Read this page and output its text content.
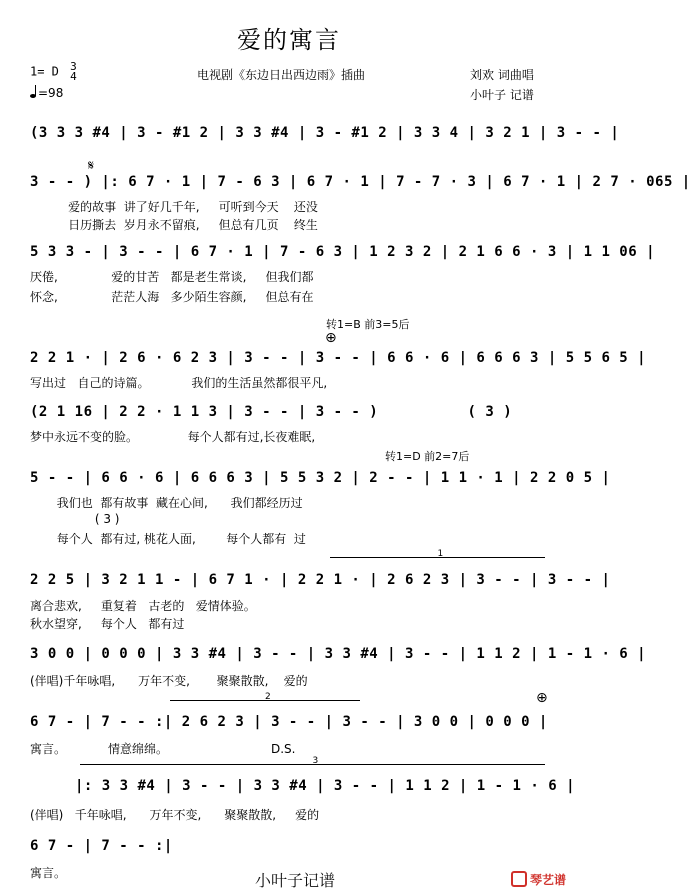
爱的寓言
1= D 3
4
=98
电视剧《东边日出西边雨》插曲	刘欢 词曲唱
小叶子 记谱
(3 3 3 #4 | 3 - #1 2 | 3 3 #4 | 3 - #1 2 | 3 3 4 | 3 2 1 | 3 - - |
𝄋
3 - - ) |: 6 7 · 1 | 7 - 6 3 | 6 7 · 1 | 7 - 7 · 3 | 6 7 · 1 | 2 7 · 065 |
爱的故事  讲了好几千年,     可听到今天    还没
日历撕去  岁月永不留痕,     但总有几页    终生
5 3 3 - | 3 - - | 6 7 · 1 | 7 - 6 3 | 1 2 3 2 | 2 1 6 6 · 3 | 1 1 06 |
厌倦,              爱的甘苦   都是老生常谈,     但我们都
怀念,              茫茫人海   多少陌生容颜,     但总有在
转1=B 前3=5后
⊕
2 2 1 · | 2 6 · 6 2 3 | 3 - - | 3 - - | 6 6 · 6 | 6 6 6 3 | 5 5 6 5 |
写出过   自己的诗篇。           我们的生活虽然都很平凡,
(2 1 16 | 2 2 · 1 1 3 | 3 - - | 3 - - )          ( 3 )
梦中永远不变的脸。             每个人都有过,长夜难眠,
转1=D 前2=7后
5 - - | 6 6 · 6 | 6 6 6 3 | 5 5 3 2 | 2 - - | 1 1 · 1 | 2 2 0 5 |
我们也  都有故事  藏在心间,      我们都经历过
( 3 )
每个人  都有过, 桃花人面,        每个人都有  过
1
2 2 5 | 3 2 1 1 - | 6 7 1 · | 2 2 1 · | 2 6 2 3 | 3 - - | 3 - - |
离合悲欢,     重复着   古老的   爱情体验。
秋水望穿,     每个人   都有过
3 0 0 | 0 0 0 | 3 3 #4 | 3 - - | 3 3 #4 | 3 - - | 1 1 2 | 1 - 1 · 6 |
(伴唱)千年咏唱,      万年不变,       聚聚散散,    爱的
2	⊕
6 7 - | 7 - - :| 2 6 2 3 | 3 - - | 3 - - | 3 0 0 | 0 0 0 |
寓言。           情意绵绵。                           D.S.
3
|: 3 3 #4 | 3 - - | 3 3 #4 | 3 - - | 1 1 2 | 1 - 1 · 6 |
(伴唱)   千年咏唱,      万年不变,      聚聚散散,     爱的
6 7 - | 7 - - :|
寓言。	小叶子记谱	琴艺谱
